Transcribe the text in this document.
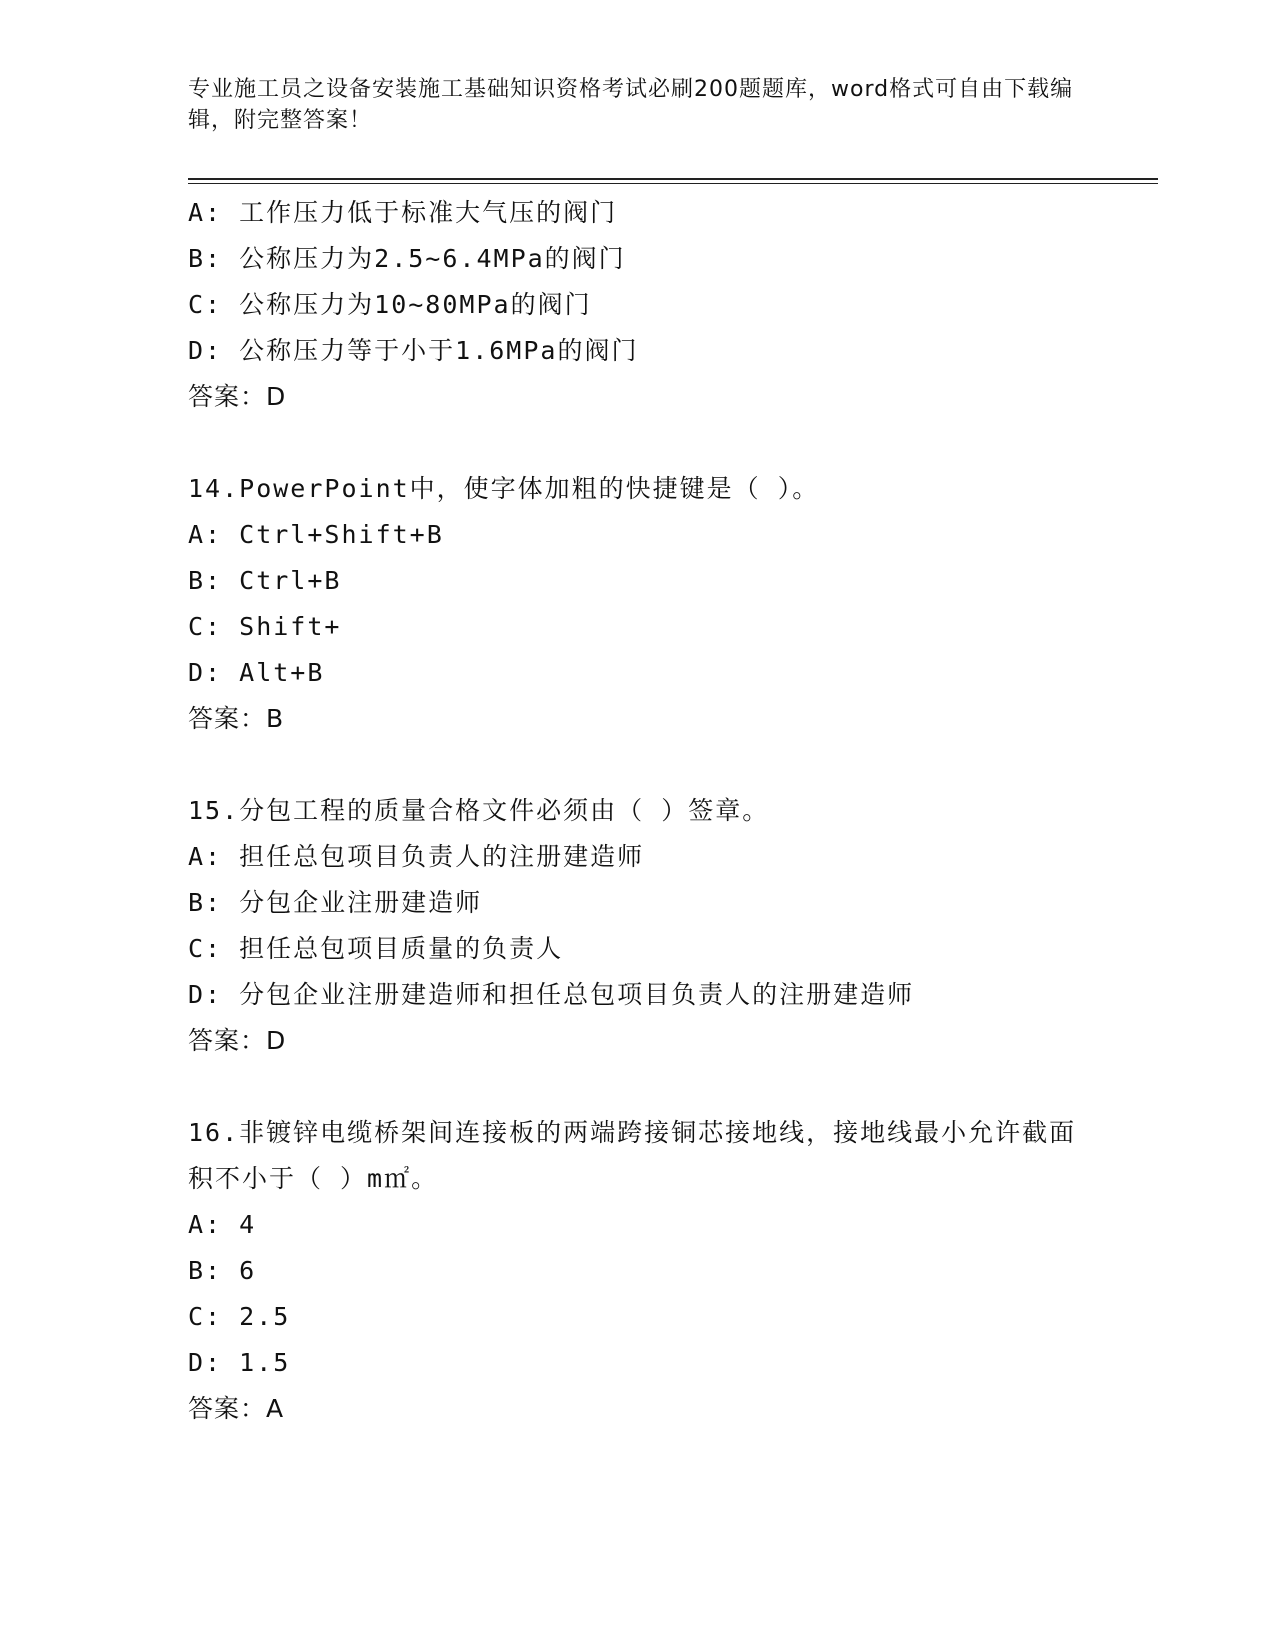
专业施工员之设备安装施工基础知识资格考试必刷200题题库，word格式可自由下载编辑，附完整答案！
A: 工作压力低于标准大气压的阀门
B: 公称压力为2.5~6.4MPa的阀门
C: 公称压力为10~80MPa的阀门
D: 公称压力等于小于1.6MPa的阀门
答案：D
14.PowerPoint中，使字体加粗的快捷键是（ ）。
A: Ctrl+Shift+B
B: Ctrl+B
C: Shift+
D: Alt+B
答案：B
15.分包工程的质量合格文件必须由（ ）签章。
A: 担任总包项目负责人的注册建造师
B: 分包企业注册建造师
C: 担任总包项目质量的负责人
D: 分包企业注册建造师和担任总包项目负责人的注册建造师
答案：D
16.非镀锌电缆桥架间连接板的两端跨接铜芯接地线，接地线最小允许截面积不小于（ ）m㎡。
A: 4
B: 6
C: 2.5
D: 1.5
答案：A
